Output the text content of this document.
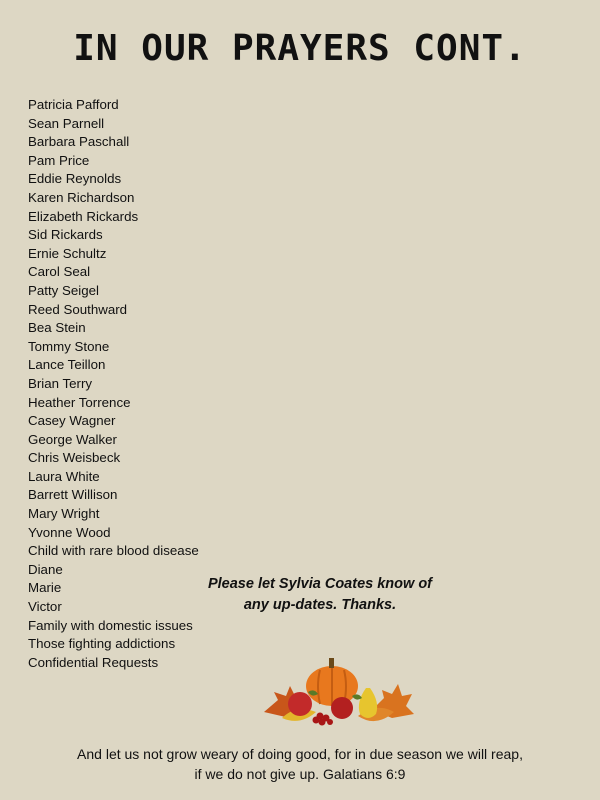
IN OUR PRAYERS CONT.
Patricia Pafford
Sean Parnell
Barbara Paschall
Pam Price
Eddie Reynolds
Karen Richardson
Elizabeth Rickards
Sid Rickards
Ernie Schultz
Carol Seal
Patty Seigel
Reed Southward
Bea Stein
Tommy Stone
Lance Teillon
Brian Terry
Heather Torrence
Casey Wagner
George Walker
Chris Weisbeck
Laura White
Barrett Willison
Mary Wright
Yvonne Wood
Child with rare blood disease
Diane
Marie
Victor
Family with domestic issues
Those fighting addictions
Confidential Requests
Please let Sylvia Coates know of
any up-dates. Thanks.
And let us not grow weary of doing good, for in due season we will reap,
if we do not give up. Galatians 6:9
